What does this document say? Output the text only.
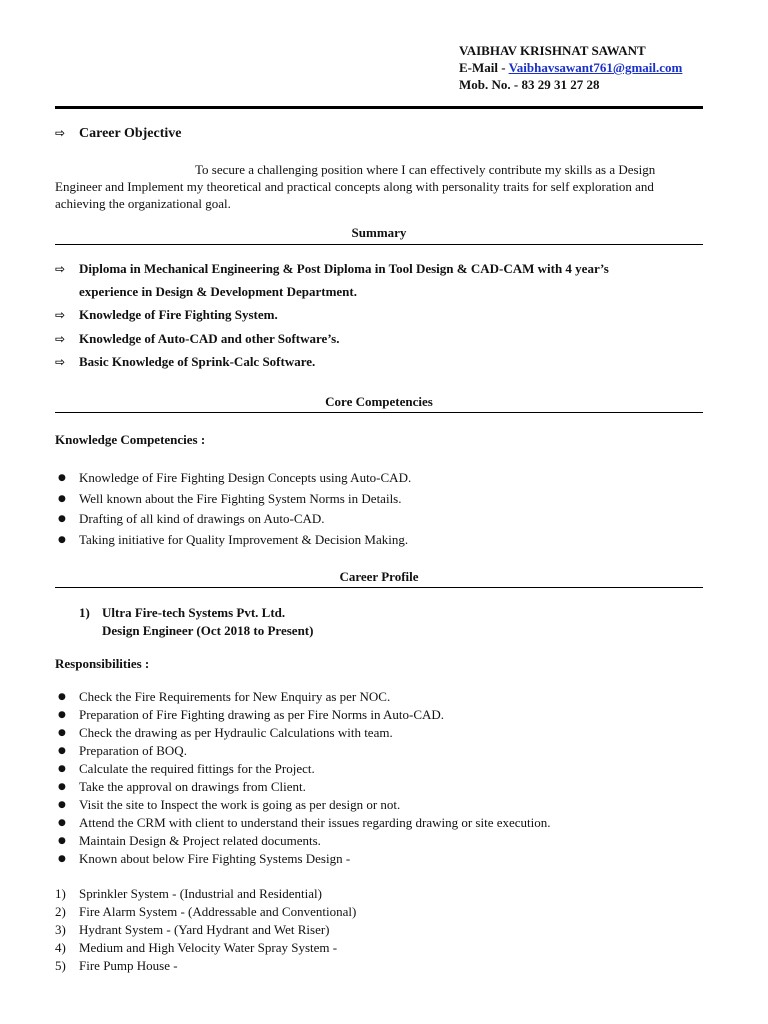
VAIBHAV KRISHNAT SAWANT
E-Mail - Vaibhavsawant761@gmail.com
Mob. No. - 83 29 31 27 28
⇨ Career Objective
To secure a challenging position where I can effectively contribute my skills as a Design Engineer and Implement my theoretical and practical concepts along with personality traits for self exploration and achieving the organizational goal.
Summary
⇨ Diploma in Mechanical Engineering & Post Diploma in Tool Design & CAD-CAM with 4 year’s
experience in Design & Development Department.
⇨ Knowledge of Fire Fighting System.
⇨ Knowledge of Auto-CAD and other Software’s.
⇨ Basic Knowledge of Sprink-Calc Software.
Core Competencies
Knowledge Competencies :
● Knowledge of Fire Fighting Design Concepts using Auto-CAD.
● Well known about the Fire Fighting System Norms in Details.
● Drafting of all kind of drawings on Auto-CAD.
● Taking initiative for Quality Improvement & Decision Making.
Career Profile
1) Ultra Fire-tech Systems Pvt. Ltd.
Design Engineer (Oct 2018 to Present)
Responsibilities :
● Check the Fire Requirements for New Enquiry as per NOC.
● Preparation of Fire Fighting drawing as per Fire Norms in Auto-CAD.
● Check the drawing as per Hydraulic Calculations with team.
● Preparation of BOQ.
● Calculate the required fittings for the Project.
● Take the approval on drawings from Client.
● Visit the site to Inspect the work is going as per design or not.
● Attend the CRM with client to understand their issues regarding drawing or site execution.
● Maintain Design & Project related documents.
● Known about below Fire Fighting Systems Design -
1) Sprinkler System - (Industrial and Residential)
2) Fire Alarm System - (Addressable and Conventional)
3) Hydrant System - (Yard Hydrant and Wet Riser)
4) Medium and High Velocity Water Spray System -
5) Fire Pump House -
